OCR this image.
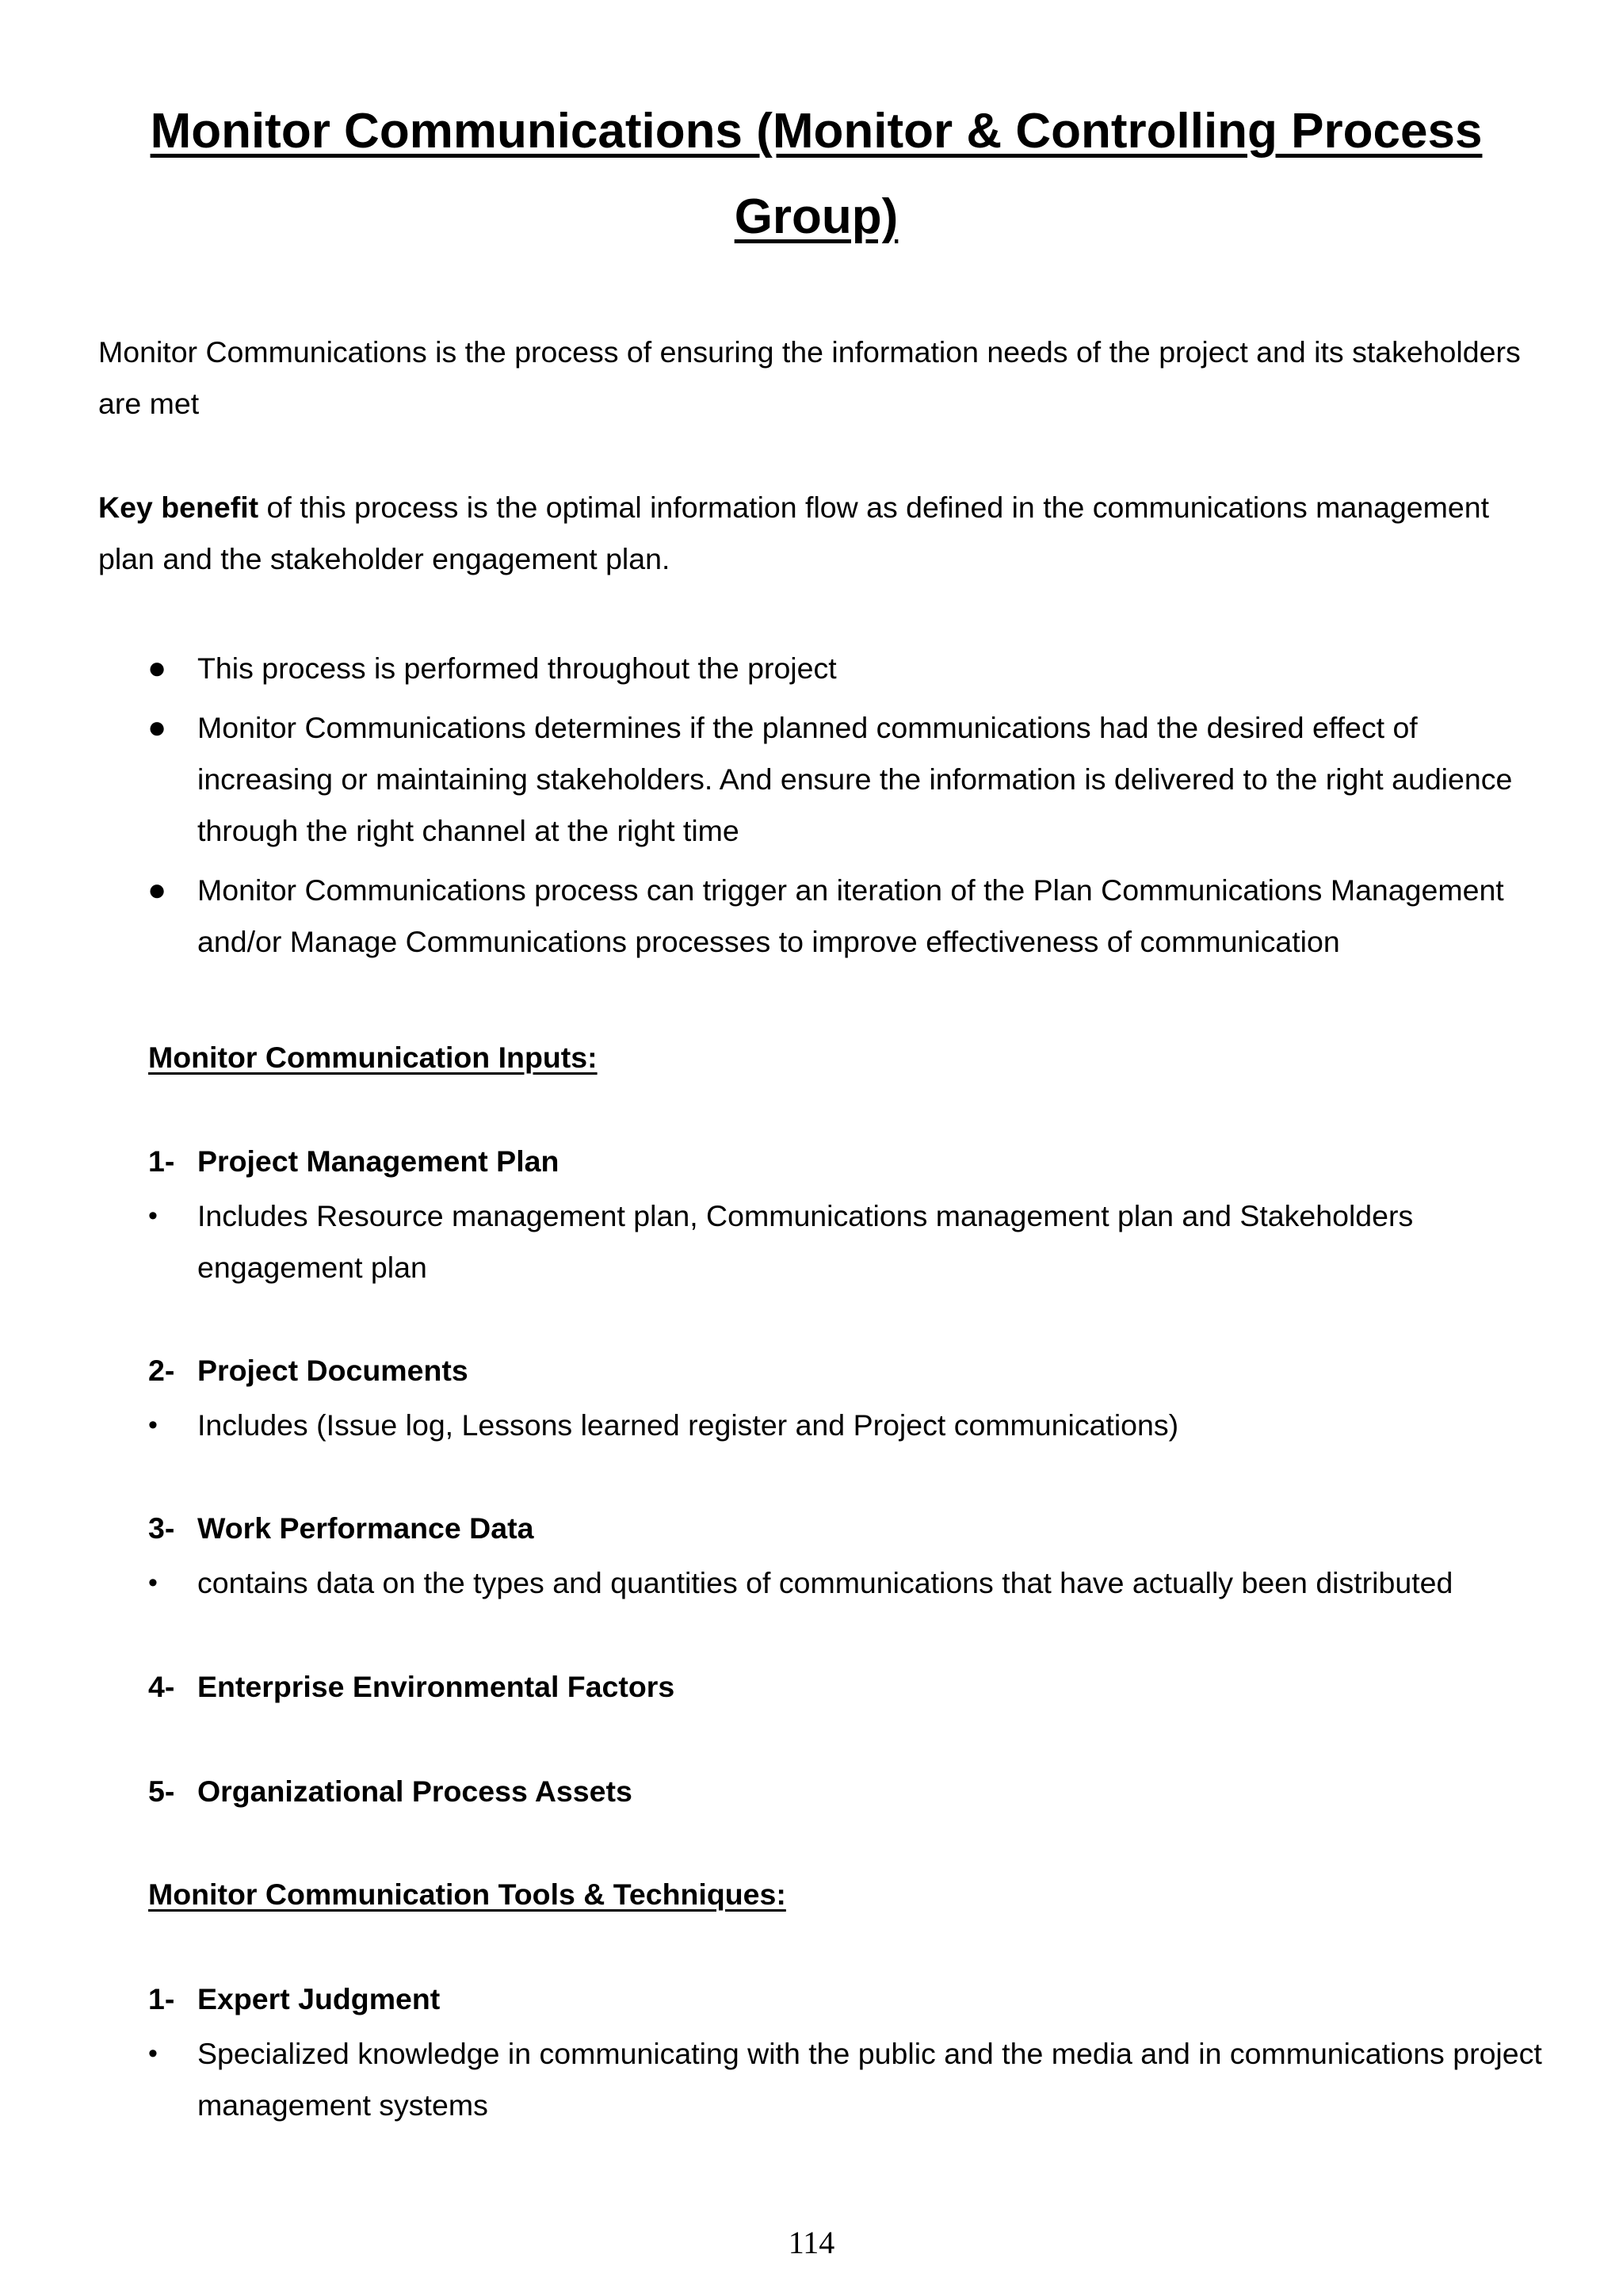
Monitor Communications (Monitor & Controlling Process Group)

Monitor Communications is the process of ensuring the information needs of the project and its stakeholders are met

Key benefit of this process is the optimal information flow as defined in the communications management plan and the stakeholder engagement plan.

● This process is performed throughout the project
● Monitor Communications determines if the planned communications had the desired effect of increasing or maintaining stakeholders. And ensure the information is delivered to the right audience through the right channel at the right time
● Monitor Communications process can trigger an iteration of the Plan Communications Management and/or Manage Communications processes to improve effectiveness of communication
Monitor Communication Inputs:

1- Project Management Plan

• Includes Resource management plan, Communications management plan and Stakeholders engagement plan

2- Project Documents

• Includes (Issue log, Lessons learned register and Project communications)

3- Work Performance Data

• contains data on the types and quantities of communications that have actually been distributed

4- Enterprise Environmental Factors

5- Organizational Process Assets

Monitor Communication Tools & Techniques:

1- Expert Judgment

• Specialized knowledge in communicating with the public and the media and in communications project management systems

114
